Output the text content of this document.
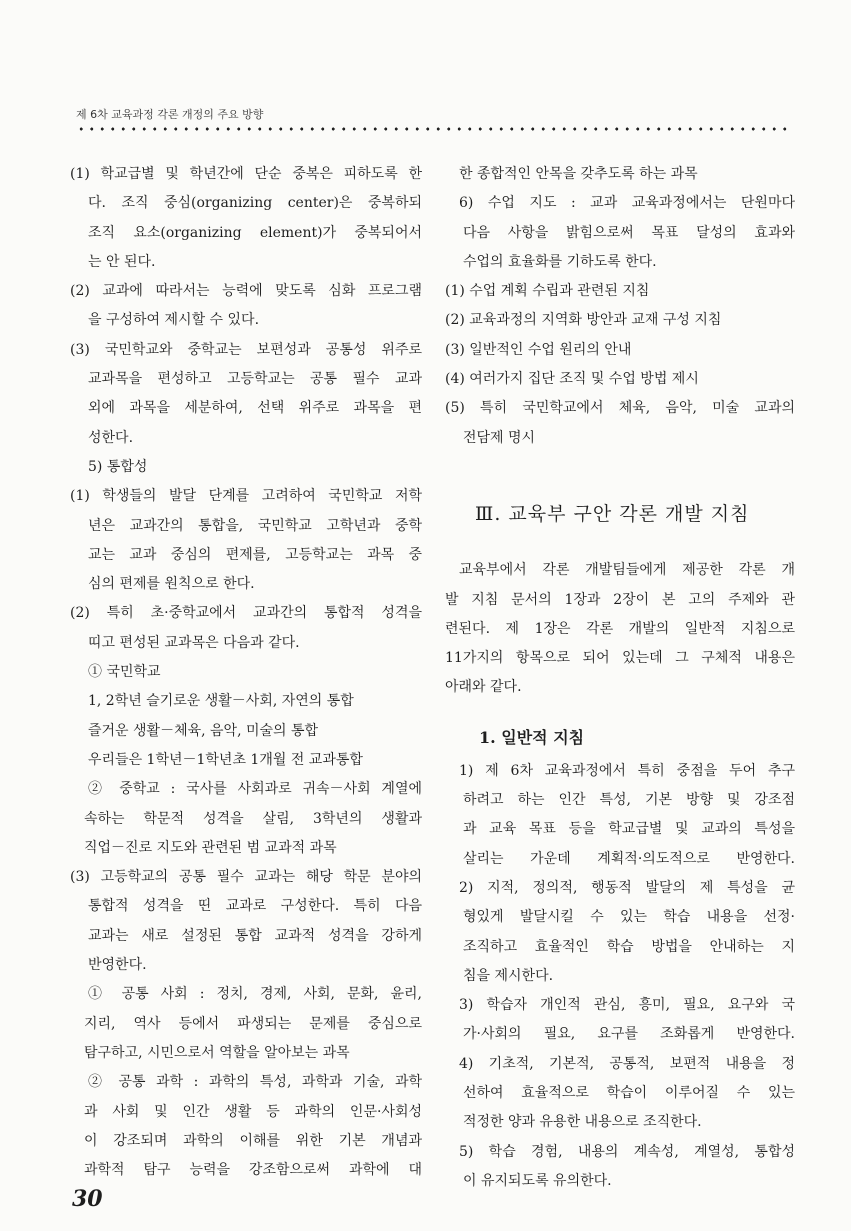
제 6차 교육과정 각론 개정의 주요 방향
(1) 학교급별 및 학년간에 단순 중복은 피하도록 한
다. 조직 중심(organizing center)은 중복하되
조직 요소(organizing element)가 중복되어서
는 안 된다.
(2) 교과에 따라서는 능력에 맞도록 심화 프로그램
을 구성하여 제시할 수 있다.
(3) 국민학교와 중학교는 보편성과 공통성 위주로
교과목을 편성하고 고등학교는 공통 필수 교과
외에 과목을 세분하여, 선택 위주로 과목을 편
성한다.
5) 통합성
(1) 학생들의 발달 단계를 고려하여 국민학교 저학
년은 교과간의 통합을, 국민학교 고학년과 중학
교는 교과 중심의 편제를, 고등학교는 과목 중
심의 편제를 원칙으로 한다.
(2) 특히 초·중학교에서 교과간의 통합적 성격을
띠고 편성된 교과목은 다음과 같다.
① 국민학교
1, 2학년 슬기로운 생활－사회, 자연의 통합
즐거운 생활－체육, 음악, 미술의 통합
우리들은 1학년－1학년초 1개월 전 교과통합
② 중학교 : 국사를 사회과로 귀속－사회 계열에
속하는 학문적 성격을 살림, 3학년의 생활과
직업－진로 지도와 관련된 범 교과적 과목
(3) 고등학교의 공통 필수 교과는 해당 학문 분야의
통합적 성격을 띤 교과로 구성한다. 특히 다음
교과는 새로 설정된 통합 교과적 성격을 강하게
반영한다.
① 공통 사회 : 정치, 경제, 사회, 문화, 윤리,
지리, 역사 등에서 파생되는 문제를 중심으로
탐구하고, 시민으로서 역할을 알아보는 과목
② 공통 과학 : 과학의 특성, 과학과 기술, 과학
과 사회 및 인간 생활 등 과학의 인문·사회성
이 강조되며 과학의 이해를 위한 기본 개념과
과학적 탐구 능력을 강조함으로써 과학에 대
한 종합적인 안목을 갖추도록 하는 과목
6) 수업 지도 : 교과 교육과정에서는 단원마다
다음 사항을 밝힘으로써 목표 달성의 효과와
수업의 효율화를 기하도록 한다.
(1) 수업 계획 수립과 관련된 지침
(2) 교육과정의 지역화 방안과 교재 구성 지침
(3) 일반적인 수업 원리의 안내
(4) 여러가지 집단 조직 및 수업 방법 제시
(5) 특히 국민학교에서 체육, 음악, 미술 교과의
전담제 명시
Ⅲ. 교육부 구안 각론 개발 지침
교육부에서 각론 개발팀들에게 제공한 각론 개
발 지침 문서의 1장과 2장이 본 고의 주제와 관
련된다. 제 1장은 각론 개발의 일반적 지침으로
11가지의 항목으로 되어 있는데 그 구체적 내용은
아래와 같다.
1. 일반적 지침
1) 제 6차 교육과정에서 특히 중점을 두어 추구
하려고 하는 인간 특성, 기본 방향 및 강조점
과 교육 목표 등을 학교급별 및 교과의 특성을
살리는 가운데 계획적·의도적으로 반영한다.
2) 지적, 정의적, 행동적 발달의 제 특성을 균
형있게 발달시킬 수 있는 학습 내용을 선정·
조직하고 효율적인 학습 방법을 안내하는 지
침을 제시한다.
3) 학습자 개인적 관심, 흥미, 필요, 요구와 국
가·사회의 필요, 요구를 조화롭게 반영한다.
4) 기초적, 기본적, 공통적, 보편적 내용을 정
선하여 효율적으로 학습이 이루어질 수 있는
적정한 양과 유용한 내용으로 조직한다.
5) 학습 경험, 내용의 계속성, 계열성, 통합성
이 유지되도록 유의한다.
30
